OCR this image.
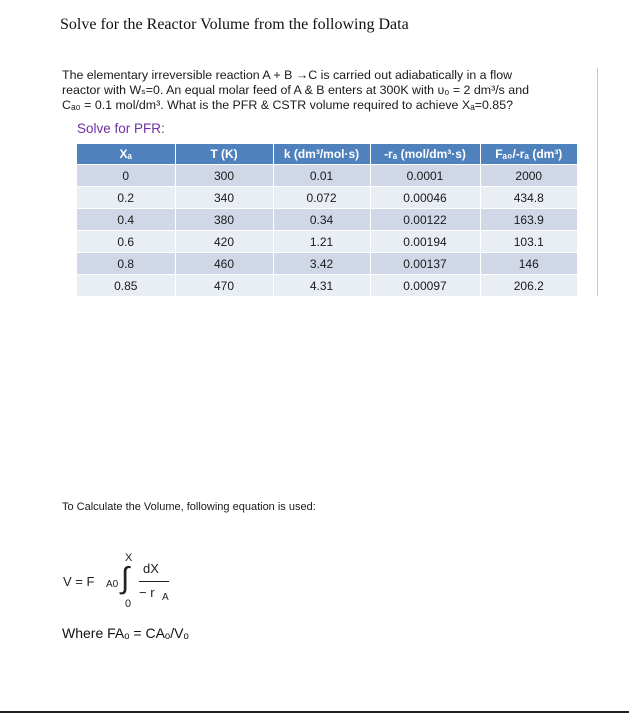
Solve for the Reactor Volume from the following Data
The elementary irreversible reaction A + B →C is carried out adiabatically in a flow
reactor with Wₛ=0. An equal molar feed of A & B enters at 300K with υ₀ = 2 dm³/s and
Cₐ₀ = 0.1 mol/dm³. What is the PFR & CSTR volume required to achieve Xₐ=0.85?
Solve for PFR:
Xₐ	T (K)	k (dm³/mol·s)	-rₐ (mol/dm³·s)	Fₐ₀/-rₐ (dm³)
0	300	0.01	0.0001	2000
0.2	340	0.072	0.00046	434.8
0.4	380	0.34	0.00122	163.9
0.6	420	1.21	0.00194	103.1
0.8	460	3.42	0.00137	146
0.85	470	4.31	0.00097	206.2
To Calculate the Volume, following equation is used:
V = F A0 ∫
X
0
dX
− r A
Where FAₒ = CAₒ/Vₒ
